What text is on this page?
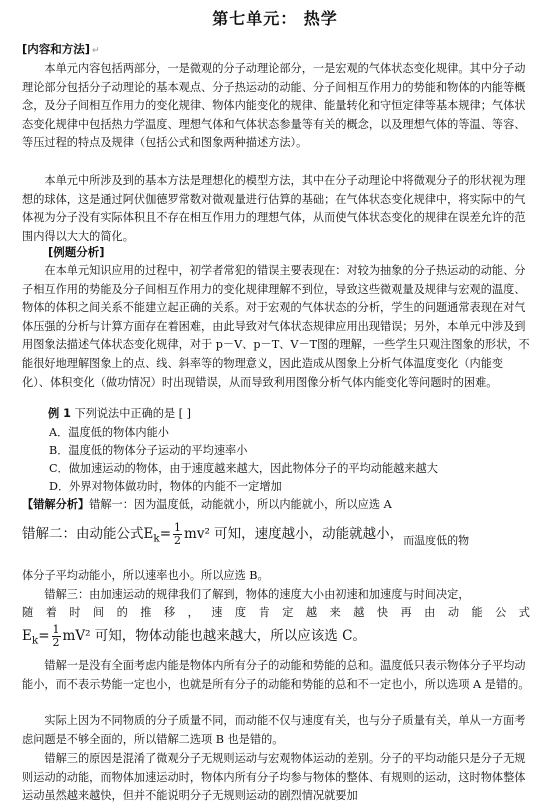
第七单元： 热学
[内容和方法] ↵
本单元内容包括两部分，一是微观的分子动理论部分，一是宏观的气体状态变化规律。其中分子动理论部分包括分子动理论的基本观点、分子热运动的动能、分子间相互作用力的势能和物体的内能等概念，及分子间相互作用力的变化规律、物体内能变化的规律、能量转化和守恒定律等基本规律；气体状态变化规律中包括热力学温度、理想气体和气体状态参量等有关的概念，以及理想气体的等温、等容、等压过程的特点及规律（包括公式和图象两种描述方法）。
本单元中所涉及到的基本方法是理想化的模型方法，其中在分子动理论中将微观分子的形状视为理想的球体，这是通过阿伏伽德罗常数对微观量进行估算的基础；在气体状态变化规律中，将实际中的气体视为分子没有实际体积且不存在相互作用力的理想气体，从而使气体状态变化的规律在误差允许的范围内得以大大的简化。
[例题分析]
在本单元知识应用的过程中，初学者常犯的错误主要表现在：对较为抽象的分子热运动的动能、分子相互作用的势能及分子间相互作用力的变化规律理解不到位，导致这些微观量及规律与宏观的温度、物体的体积之间关系不能建立起正确的关系。对于宏观的气体状态的分析，学生的问题通常表现在对气体压强的分析与计算方面存在着困难，由此导致对气体状态规律应用出现错误；另外，本单元中涉及到用图象法描述气体状态变化规律，对于 p－V、p－T、V－T图的理解，一些学生只观注图象的形状，不能很好地理解图象上的点、线、斜率等的物理意义，因此造成从图象上分析气体温度变化（内能变化）、体积变化（做功情况）时出现错误，从而导致利用图像分析气体内能变化等问题时的困难。
例 1 下列说法中正确的是 [ ]
A．温度低的物体内能小
B．温度低的物体分子运动的平均速率小
C．做加速运动的物体，由于速度越来越大，因此物体分子的平均动能越来越大
D．外界对物体做功时，物体的内能不一定增加
【错解分析】错解一：因为温度低，动能就小，所以内能就小，所以应选 A
错解二：由动能公式$E_k= \frac{1}{2} mv^2$ 可知，速度越小，动能就越小，$_{而温度低的物}$
体分子平均动能小，所以速率也小。所以应选 B。
错解三：由加速运动的规律我们了解到，物体的速度大小由初速和加速度与时间决定，
随着时间的推移，速度肯定越来越快再由动能公式
$E_k= \frac{1}{2} mV^2$ 可知，物体动能也越来越大，所以应该选 C。
错解一是没有全面考虑内能是物体内所有分子的动能和势能的总和。温度低只表示物体分子平均动能小，而不表示势能一定也小，也就是所有分子的动能和势能的总和不一定也小，所以选项 A 是错的。
实际上因为不同物质的分子质量不同，而动能不仅与速度有关，也与分子质量有关，单从一方面考虑问题是不够全面的，所以错解二选项 B 也是错的。
错解三的原因是混淆了微观分子无规则运动与宏观物体运动的差别。分子的平均动能只是分子无规则运动的动能，而物体加速运动时，物体内所有分子均参与物体的整体、有规则的运动，这时物体整体运动虽然越来越快，但并不能说明分子无规则运动的剧烈情况就要加
